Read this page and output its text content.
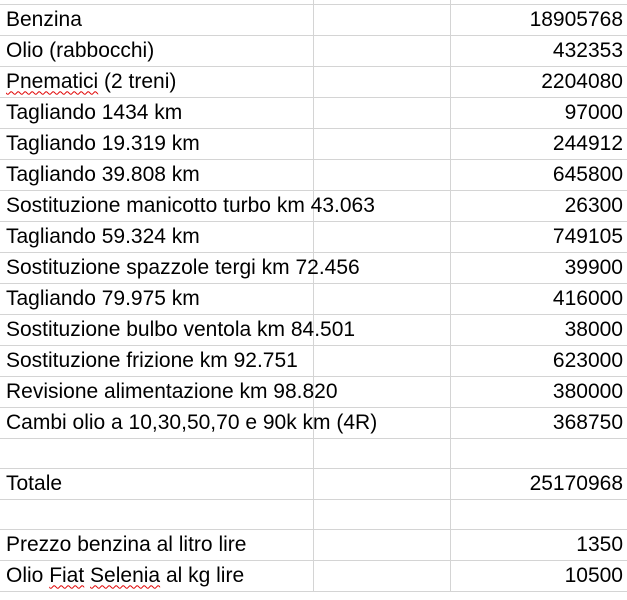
Benzina		18905768
Olio (rabbocchi)		432353
Pnematici (2 treni)		2204080
Tagliando 1434 km		97000
Tagliando 19.319 km		244912
Tagliando 39.808 km		645800
Sostituzione manicotto turbo km 43.063		26300
Tagliando 59.324 km		749105
Sostituzione spazzole tergi km 72.456		39900
Tagliando 79.975 km		416000
Sostituzione bulbo ventola km 84.501		38000
Sostituzione frizione km 92.751		623000
Revisione alimentazione km 98.820		380000
Cambi olio a 10,30,50,70 e 90k km (4R)		368750

Totale		25170968

Prezzo benzina al litro lire		1350
Olio Fiat Selenia al kg lire		10500
